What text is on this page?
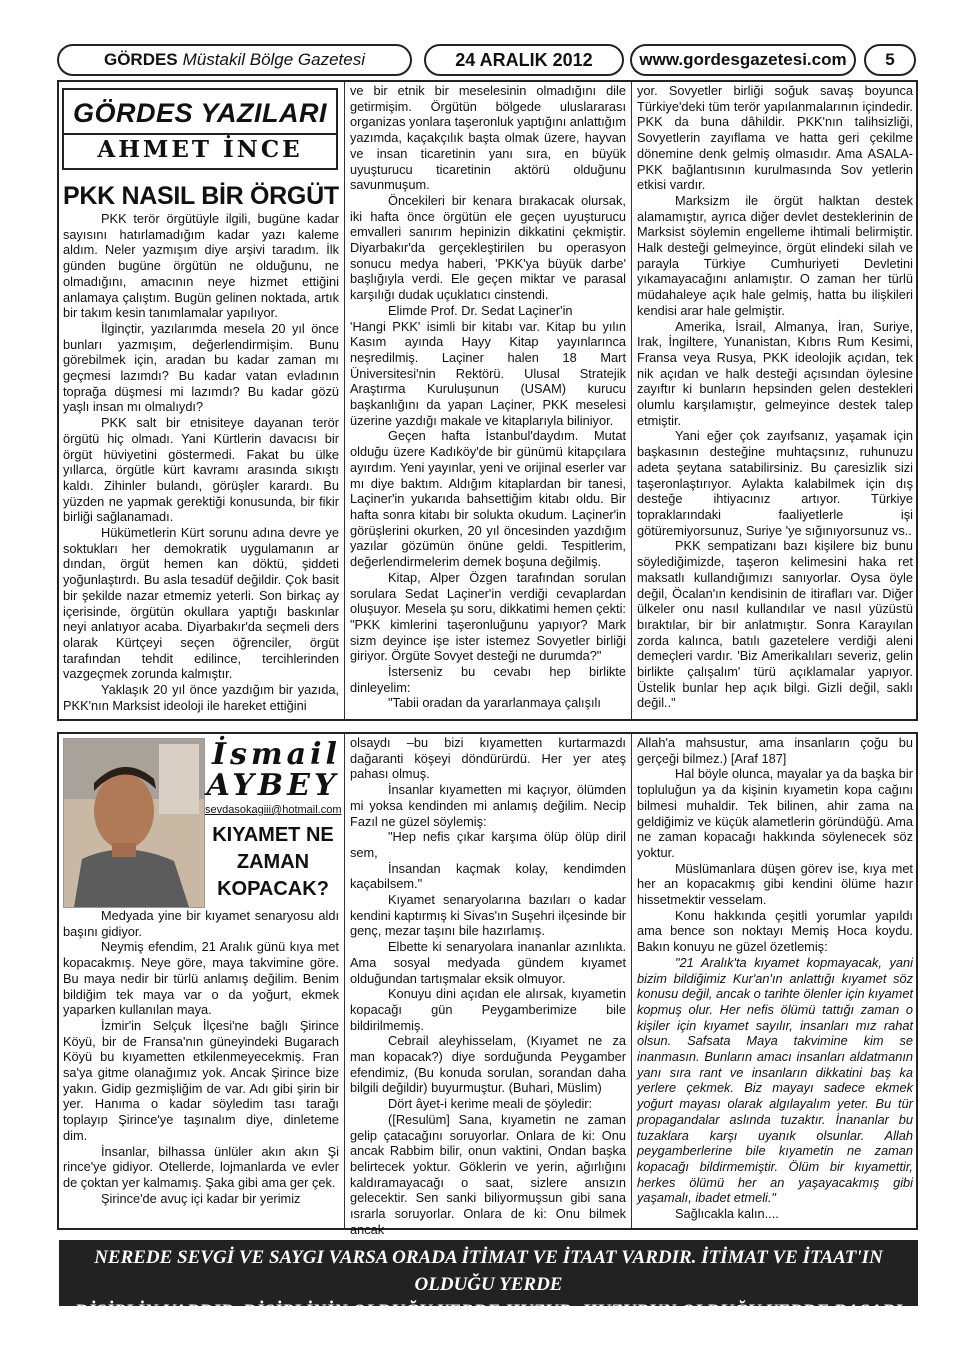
GÖRDES Müstakil Bölge Gazetesi	24 ARALIK 2012	www.gordesgazetesi.com 5
GÖRDES YAZILARI
AHMET İNCE
PKK NASIL BİR ÖRGÜT

PKK terör örgütüyle ilgili, bugüne kadar sayısını hatırlamadığım kadar yazı kaleme aldım. Neler yazmışım diye arşivi taradım. İlk günden bugüne örgütün ne olduğunu, ne olmadığını, amacının neye hizmet ettiğini anlamaya çalıştım. Bugün gelinen noktada, artık bir takım kesin tanımlamalar yapılıyor.

İlginçtir, yazılarımda mesela 20 yıl önce bunları yazmışım, değerlendirmişim. Bunu görebilmek için, aradan bu kadar zaman mı geçmesi lazımdı? Bu kadar vatan evladının toprağa düşmesi mi lazımdı? Bu kadar gözü yaşlı insan mı olmalıydı?

PKK salt bir etnisiteye dayanan terör örgütü hiç olmadı. Yani Kürtlerin davacısı bir örgüt hüviyetini göstermedi. Fakat bu ülke yıllarca, örgütle kürt kavramı arasında sıkıştı kaldı. Zihinler bulandı, görüşler karardı. Bu yüzden ne yapmak gerektiği konusunda, bir fikir birliği sağlanamadı.

Hükümetlerin Kürt sorunu adına devre ye soktukları her demokratik uygulamanın ar dından, örgüt hemen kan döktü, şiddeti yoğunlaştırdı. Bu asla tesadüf değildir. Çok basit bir şekilde nazar etmemiz yeterli. Son birkaç ay içerisinde, örgütün okullara yaptığı baskınlar neyi anlatıyor acaba. Diyarbakır'da seçmeli ders olarak Kürtçeyi seçen öğrenciler, örgüt tarafından tehdit edilince, tercihlerinden vazgeçmek zorunda kalmıştır.

Yaklaşık 20 yıl önce yazdığım bir yazıda, PKK'nın Marksist ideoloji ile hareket ettiğini

ve bir etnik bir meselesinin olmadığını dile getirmişim. Örgütün bölgede uluslararası organizas yonlara taşeronluk yaptığını anlattığım yazımda, kaçakçılık başta olmak üzere, hayvan ve insan ticaretinin yanı sıra, en büyük uyuşturucu ticaretinin aktörü olduğunu savunmuşum.

Öncekileri bir kenara bırakacak olursak, iki hafta önce örgütün ele geçen uyuşturucu emvalleri sanırım hepinizin dikkatini çekmiştir. Diyarbakır'da gerçekleştirilen bu operasyon sonucu medya haberi, 'PKK'ya büyük darbe' başlığıyla verdi. Ele geçen miktar ve parasal karşılığı dudak uçuklatıcı cinstendi.

Elimde Prof. Dr. Sedat Laçiner'in

'Hangi PKK' isimli bir kitabı var. Kitap bu yılın Kasım ayında Hayy Kitap yayınlarınca neşredilmiş. Laçiner halen 18 Mart Üniversitesi'nin Rektörü. Ulusal Stratejik Araştırma Kuruluşunun (USAM) kurucu başkanlığını da yapan Laçiner, PKK meselesi üzerine yazdığı makale ve kitaplarıyla biliniyor.

Geçen hafta İstanbul'daydım. Mutat olduğu üzere Kadıköy'de bir günümü kitapçılara ayırdım. Yeni yayınlar, yeni ve orijinal eserler var mı diye baktım. Aldığım kitaplardan bir tanesi, Laçiner'in yukarıda bahsettiğim kitabı oldu. Bir hafta sonra kitabı bir solukta okudum. Laçiner'in görüşlerini okurken, 20 yıl öncesinden yazdığım yazılar gözümün önüne geldi. Tespitlerim, değerlendirmelerim demek boşuna değilmiş.

Kitap, Alper Özgen tarafından sorulan sorulara Sedat Laçiner'in verdiği cevaplardan oluşuyor. Mesela şu soru, dikkatimi hemen çekti: "PKK kimlerini taşeronluğunu yapıyor? Mark sizm deyince işe ister istemez Sovyetler birliği giriyor. Örgüte Sovyet desteği ne durumda?"

İsterseniz bu cevabı hep birlikte dinleyelim:

"Tabii oradan da yararlanmaya çalışılı

yor. Sovyetler birliği soğuk savaş boyunca Türkiye'deki tüm terör yapılanmalarının içindedir. PKK da buna dâhildir. PKK'nın talihsizliği, Sovyetlerin zayıflama ve hatta geri çekilme dönemine denk gelmiş olmasıdır. Ama ASALA-PKK bağlantısının kurulmasında Sov yetlerin etkisi vardır.

Marksizm ile örgüt halktan destek alamamıştır, ayrıca diğer devlet desteklerinin de Marksist söylemin engelleme ihtimali belirmiştir. Halk desteği gelmeyince, örgüt elindeki silah ve parayla Türkiye Cumhuriyeti Devletini yıkamayacağını anlamıştır. O zaman her türlü müdahaleye açık hale gelmiş, hatta bu ilişkileri kendisi arar hale gelmiştir.

Amerika, İsrail, Almanya, İran, Suriye, Irak, İngiltere, Yunanistan, Kıbrıs Rum Kesimi, Fransa veya Rusya, PKK ideolojik açıdan, tek nik açıdan ve halk desteği açısından öylesine zayıftır ki bunların hepsinden gelen destekleri olumlu karşılamıştır, gelmeyince destek talep etmiştir.

Yani eğer çok zayıfsanız, yaşamak için başkasının desteğine muhtaçsınız, ruhunuzu adeta şeytana satabilirsiniz. Bu çaresizlik sizi taşeronlaştırıyor. Aylakta kalabilmek için dış desteğe ihtiyacınız artıyor. Türkiye topraklarındaki faaliyetlerle işi götüremiyorsunuz, Suriye 'ye sığınıyorsunuz vs..

PKK sempatizanı bazı kişilere biz bunu söylediğimizde, taşeron kelimesini haka ret maksatlı kullandığımızı sanıyorlar. Oysa öyle değil, Öcalan'ın kendisinin de itirafları var. Diğer ülkeler onu nasıl kullandılar ve nasıl yüzüstü bıraktılar, bir bir anlatmıştır. Sonra Karayılan zorda kalınca, batılı gazetelere verdiği aleni demeçleri vardır. 'Biz Amerikalıları severiz, gelin birlikte çalışalım' türü açıklamalar yapıyor. Üstelik bunlar hep açık bilgi. Gizli değil, saklı değil.."

İsmail
AYBEY
sevdasokagiii@hotmail.com
KIYAMET NE
ZAMAN
KOPACAK?

Medyada yine bir kıyamet senaryosu aldı başını gidiyor.

Neymiş efendim, 21 Aralık günü kıya met kopacakmış. Neye göre, maya takvimine göre. Bu maya nedir bir türlü anlamış değilim. Benim bildiğim tek maya var o da yoğurt, ekmek yaparken kullanılan maya.

İzmir'in Selçuk İlçesi'ne bağlı Şirince Köyü, bir de Fransa'nın güneyindeki Bugarach Köyü bu kıyametten etkilenmeyecekmiş. Fran sa'ya gitme olanağımız yok. Ancak Şirince bize yakın. Gidip gezmişliğim de var. Adı gibi şirin bir yer. Hanıma o kadar söyledim tası tarağı toplayıp Şirince'ye taşınalım diye, dinleteme dim.

İnsanlar, bilhassa ünlüler akın akın Şi rince'ye gidiyor. Otellerde, lojmanlarda ve evler de çoktan yer kalmamış. Şaka gibi ama ger çek.

Şirince'de avuç içi kadar bir yerimiz

olsaydı –bu bizi kıyametten kurtarmazdı dağaranti köşeyi döndürürdü. Her yer ateş pahası olmuş.

İnsanlar kıyametten mi kaçıyor, ölümden mi yoksa kendinden mi anlamış değilim. Necip Fazıl ne güzel söylemiş:

"Hep nefis çıkar karşıma ölüp ölüp diril sem,

İnsandan kaçmak kolay, kendimden kaçabilsem."

Kıyamet senaryolarına bazıları o kadar kendini kaptırmış ki Sivas'ın Suşehri ilçesinde bir genç, mezar taşını bile hazırlamış.

Elbette ki senaryolara inananlar azınlıkta. Ama sosyal medyada gündem kıyamet olduğundan tartışmalar eksik olmuyor.

Konuyu dini açıdan ele alırsak, kıyametin kopacağı gün Peygamberimize bile bildirilmemiş.

Cebrail aleyhisselam, (Kıyamet ne za man kopacak?) diye sorduğunda Peygamber efendimiz, (Bu konuda sorulan, sorandan daha bilgili değildir) buyurmuştur. (Buhari, Müslim)

Dört âyet-i kerime meali de şöyledir:

([Resulüm] Sana, kıyametin ne zaman gelip çatacağını soruyorlar. Onlara de ki: Onu ancak Rabbim bilir, onun vaktini, Ondan başka belirtecek yoktur. Göklerin ve yerin, ağırlığını kaldıramayacağı o saat, sizlere ansızın gelecektir. Sen sanki biliyormuşsun gibi sana ısrarla soruyorlar. Onlara de ki: Onu bilmek ancak

Allah'a mahsustur, ama insanların çoğu bu gerçeği bilmez.) [Araf 187]

Hal böyle olunca, mayalar ya da başka bir topluluğun ya da kişinin kıyametin kopa cağını bilmesi muhaldir. Tek bilinen, ahir zama na geldiğimiz ve küçük alametlerin göründüğü. Ama ne zaman kopacağı hakkında söylenecek söz yoktur.

Müslümanlara düşen görev ise, kıya met her an kopacakmış gibi kendini ölüme hazır hissetmektir vesselam.

Konu hakkında çeşitli yorumlar yapıldı ama bence son noktayı Memiş Hoca koydu. Bakın konuyu ne güzel özetlemiş:

"21 Aralık'ta kıyamet kopmayacak, yani bizim bildiğimiz Kur'an'ın anlattığı kıyamet söz konusu değil, ancak o tarihte ölenler için kıyamet kopmuş olur. Her nefis ölümü tattığı zaman o kişiler için kıyamet sayılır, insanları mız rahat olsun. Safsata Maya takvimine kim se inanmasın. Bunların amacı insanları aldatmanın yanı sıra rant ve insanların dikkatini baş ka yerlere çekmek. Biz mayayı sadece ekmek yoğurt mayası olarak algılayalım yeter. Bu tür propagandalar aslında tuzaktır. İnananlar bu tuzaklara karşı uyanık olsunlar. Allah peygamberlerine bile kıyametin ne zaman kopacağı bildirmemiştir. Ölüm bir kıyamettir, herkes ölümü her an yaşayacakmış gibi yaşamalı, ibadet etmeli."

Sağlıcakla kalın....

NEREDE SEVGİ VE SAYGI VARSA ORADA İTİMAT VE İTAAT VARDIR. İTİMAT VE İTAAT'IN OLDUĞU YERDE
DİSİPLİN VARDIR. DİSİPLİNİN OLDUĞU YERDE HUZUR; HUZURUN OLDUĞU YERDE BAŞARI VARDIR.
